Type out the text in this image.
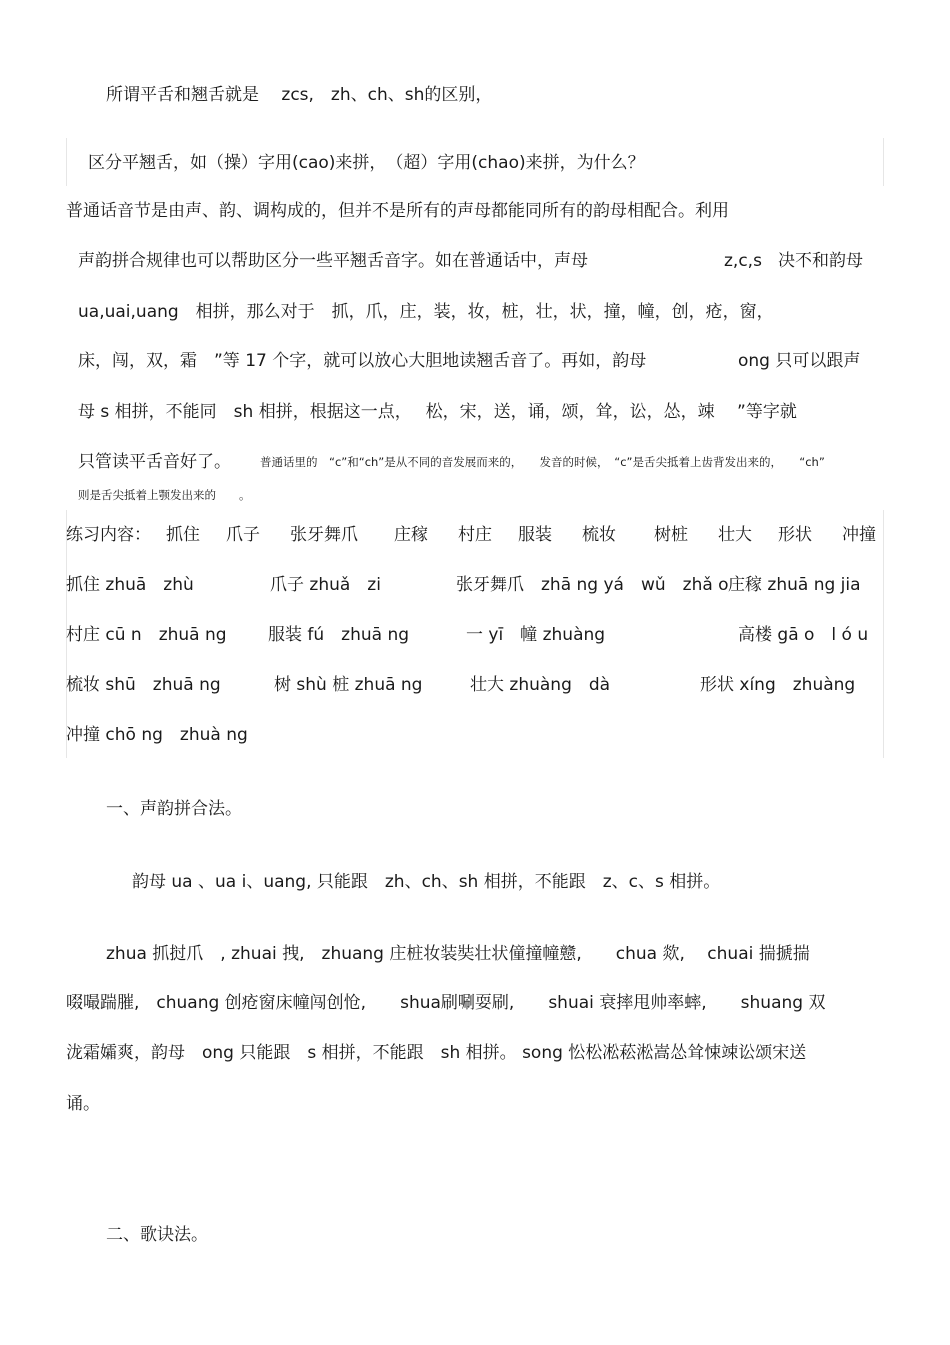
所谓平舌和翘舌就是　 zcs,　zh、ch、sh的区别，
区分平翘舌，如（操）字用(cao)来拼，　（超）字用(chao)来拼，为什么？
普通话音节是由声、韵、调构成的，但并不是所有的声母都能同所有的韵母相配合。利用
声韵拼合规律也可以帮助区分一些平翘舌音字。如在普通话中，声母	z,c,s 决不和韵母
ua,uai,uang　相拼，那么对于　抓，爪，庄，装，妆，桩，壮，状，撞，幢，创，疮，窗，
床，闯，双，霜　”等 17 个字，就可以放心大胆地读翘舌音了。再如，韵母	ong 只可以跟声
母 s 相拼，不能同　sh 相拼，根据这一点，　 松，宋，送，诵，颂，耸，讼，怂，竦　 ”等字就
只管读平舌音好了。	普通话里的　“c”和“ch”是从不同的音发展而来的，　　发音的时候，　“c”是舌尖抵着上齿背发出来的，　　“ch”
则是舌尖抵着上颚发出来的　　。
练习内容： 抓住 爪子 张牙舞爪 庄稼 村庄 服装 梳妆 树桩 壮大 形状 冲撞
抓住 zhuā　zhù	爪子 zhuǎ　zi	张牙舞爪　zhā ng yá　wǔ　zhǎ o 庄稼 zhuā ng jia
村庄 cū n　zhuā ng 服装 fú　zhuā ng	一 yī　幢 zhuàng	高楼 gā o　l ó u
梳妆 shū　zhuā ng	树 shù 桩 zhuā ng	壮大 zhuàng　dà	形状 xíng　zhuàng
冲撞 chō ng　zhuà ng
一、声韵拼合法。
韵母 ua 、ua i、uang, 只能跟　zh、ch、sh 相拼，不能跟　z、c、s 相拼。
zhua 抓挝爪　, zhuai 拽,　zhuang 庄桩妆装奘壮状僮撞幢戆,　　chua 欻,　 chuai 揣搋揣
啜嘬踹膗,　chuang 创疮窗床幢闯创怆,　　shua刷唰耍刷,　　shuai 衰摔甩帅率蟀,　　shuang 双
泷霜孀爽，韵母　ong 只能跟　s 相拼，不能跟　sh 相拼。 song 忪松凇菘淞嵩怂耸悚竦讼颂宋送
诵。
二、歌诀法。
